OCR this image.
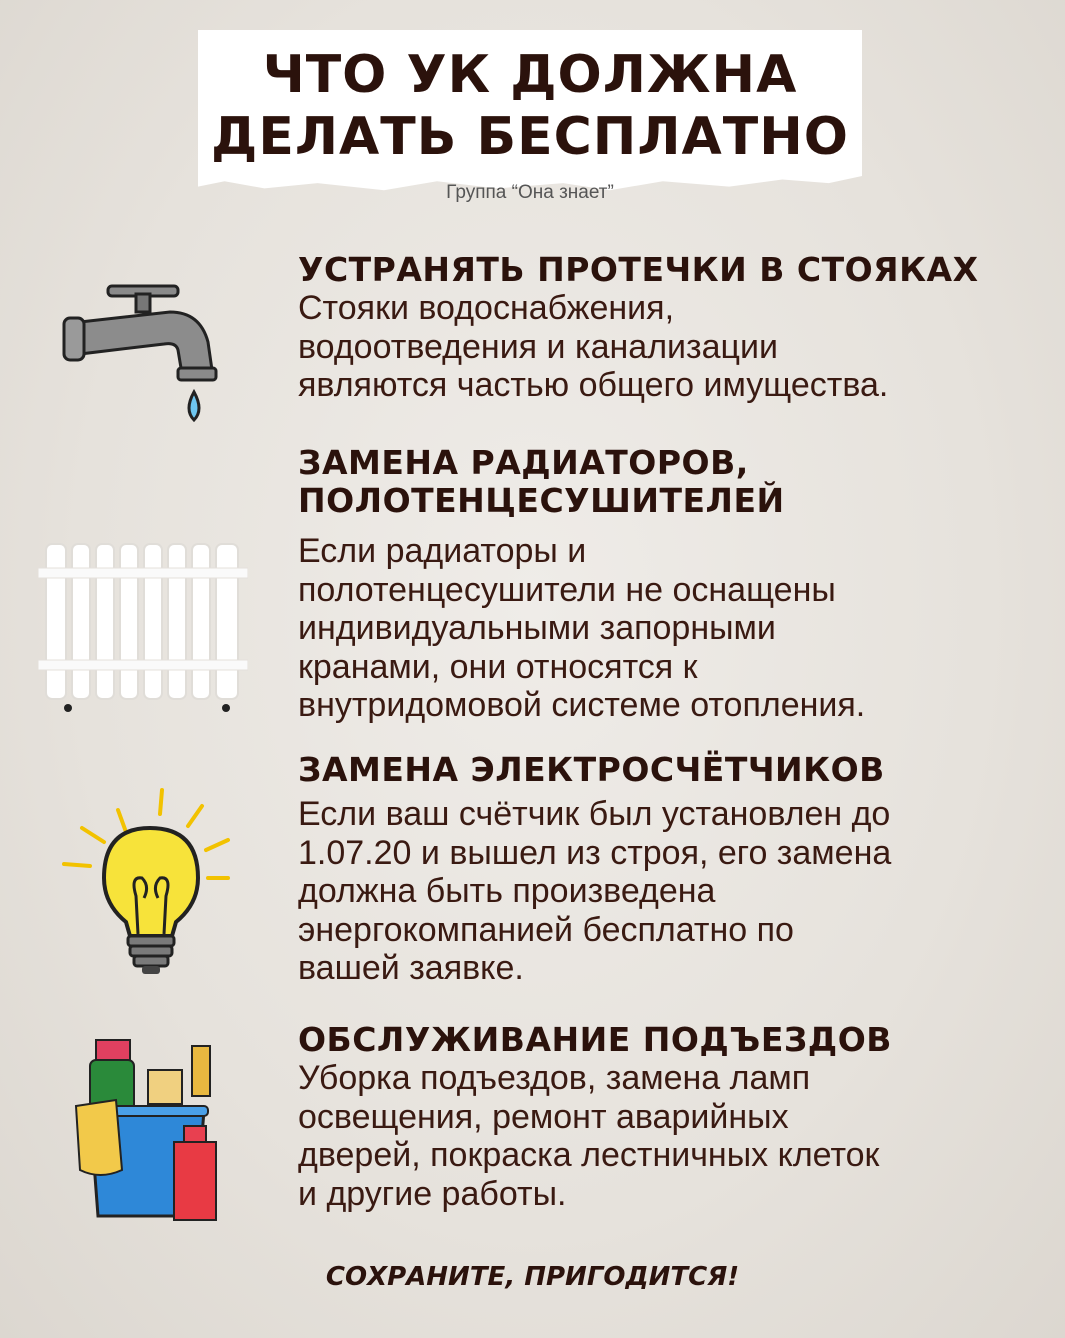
ЧТО УК ДОЛЖНА
ДЕЛАТЬ БЕСПЛАТНО
Группа “Она знает”
УСТРАНЯТЬ ПРОТЕЧКИ В СТОЯКАХ
Стояки водоснабжения,
водоотведения и канализации
являются частью общего имущества.
ЗАМЕНА РАДИАТОРОВ,
ПОЛОТЕНЦЕСУШИТЕЛЕЙ
Если радиаторы и
полотенцесушители не оснащены
индивидуальными запорными
кранами, они относятся к
внутридомовой системе отопления.
ЗАМЕНА ЭЛЕКТРОСЧЁТЧИКОВ
Если ваш счётчик был установлен до
1.07.20 и вышел из строя, его замена
должна быть произведена
энергокомпанией бесплатно по
вашей заявке.
ОБСЛУЖИВАНИЕ ПОДЪЕЗДОВ
Уборка подъездов, замена ламп
освещения, ремонт аварийных
дверей, покраска лестничных клеток
и другие работы.
СОХРАНИТЕ, ПРИГОДИТСЯ!
